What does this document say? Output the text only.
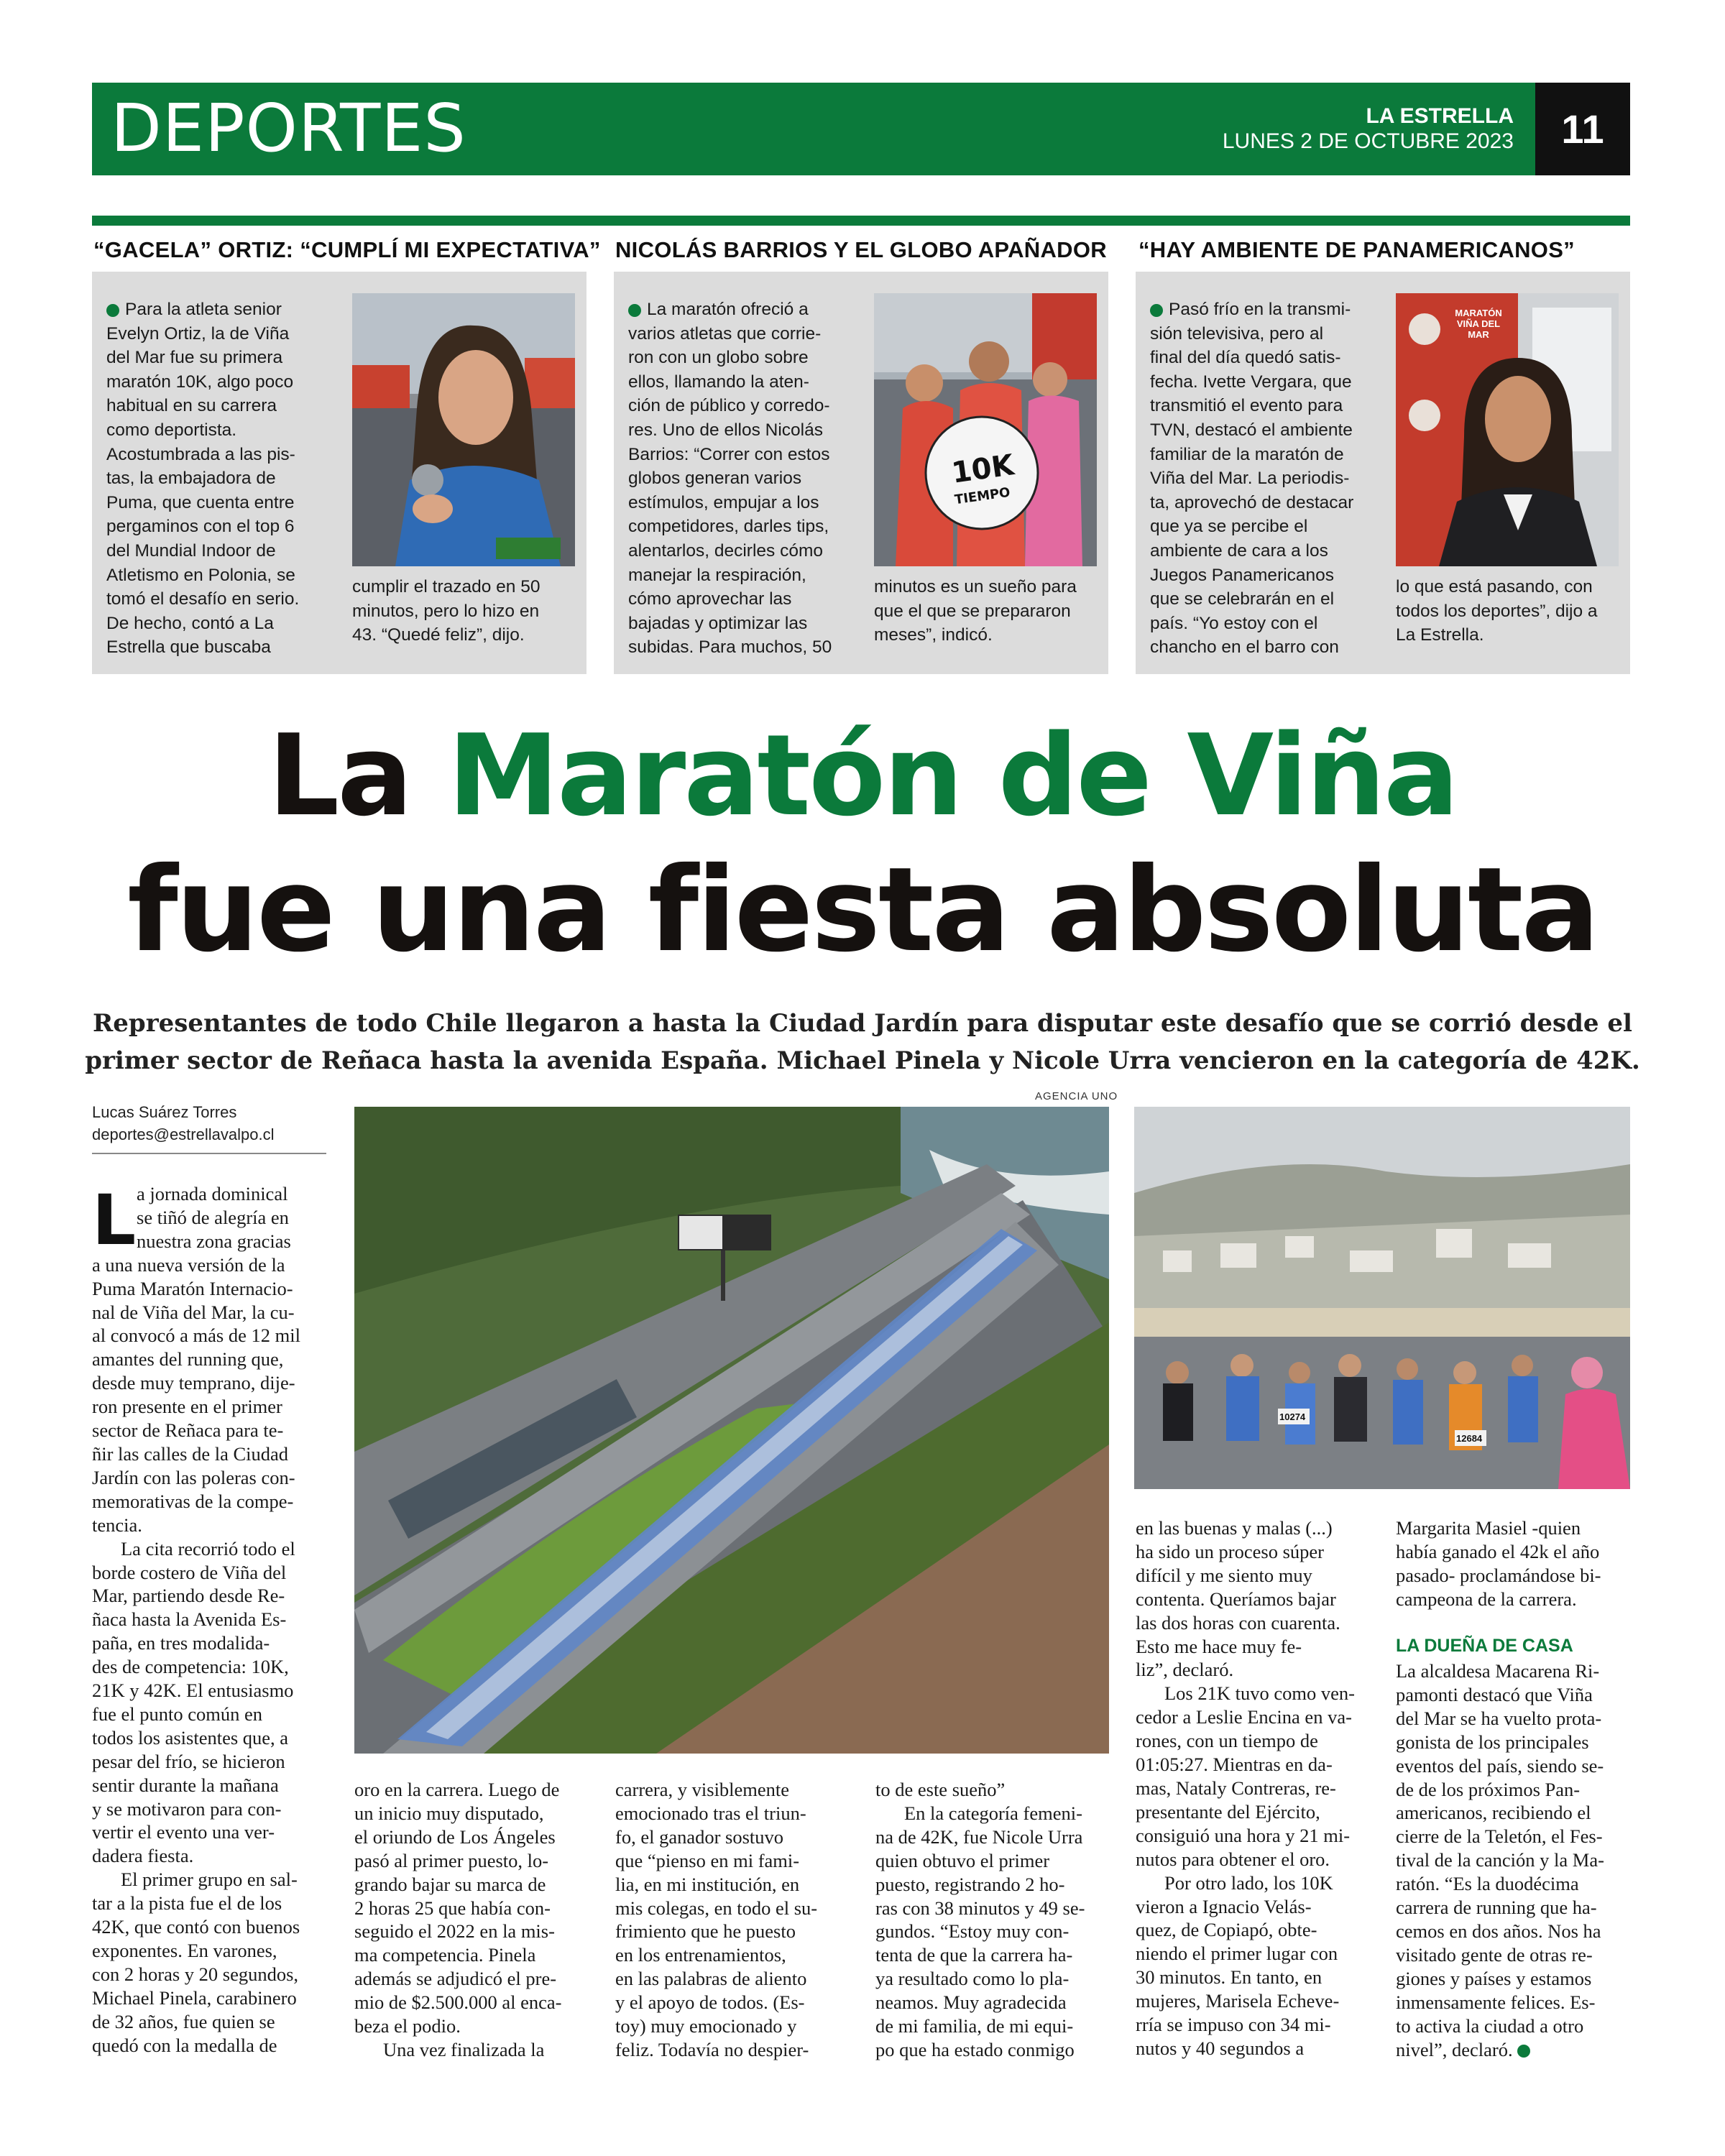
DEPORTES	LA ESTRELLA
LUNES 2 DE OCTUBRE 2023	11
“GACELA” ORTIZ: “CUMPLÍ MI EXPECTATIVA”
Para la atleta senior
Evelyn Ortiz, la de Viña
del Mar fue su primera
maratón 10K, algo poco
habitual en su carrera
como deportista.
Acostumbrada a las pis-
tas, la embajadora de
Puma, que cuenta entre
pergaminos con el top 6
del Mundial Indoor de
Atletismo en Polonia, se
tomó el desafío en serio.
De hecho, contó a La
Estrella que buscaba
cumplir el trazado en 50
minutos, pero lo hizo en
43. “Quedé feliz”, dijo.
NICOLÁS BARRIOS Y EL GLOBO APAÑADOR
La maratón ofreció a
varios atletas que corrie-
ron con un globo sobre
ellos, llamando la aten-
ción de público y corredo-
res. Uno de ellos Nicolás
Barrios: “Correr con estos
globos generan varios
estímulos, empujar a los
competidores, darles tips,
alentarlos, decirles cómo
manejar la respiración,
cómo aprovechar las
bajadas y optimizar las
subidas. Para muchos, 50
10K
TIEMPO
minutos es un sueño para
que el que se prepararon
meses”, indicó.
“HAY AMBIENTE DE PANAMERICANOS”
Pasó frío en la transmi-
sión televisiva, pero al
final del día quedó satis-
fecha. Ivette Vergara, que
transmitió el evento para
TVN, destacó el ambiente
familiar de la maratón de
Viña del Mar. La periodis-
ta, aprovechó de destacar
que ya se percibe el
ambiente de cara a los
Juegos Panamericanos
que se celebrarán en el
país. “Yo estoy con el
chancho en el barro con
MARATÓN VIÑA DEL MAR
lo que está pasando, con
todos los deportes”, dijo a
La Estrella.
La Maratón de Viña
fue una fiesta absoluta
Representantes de todo Chile llegaron a hasta la Ciudad Jardín para disputar este desafío que se corrió desde el
primer sector de Reñaca hasta la avenida España. Michael Pinela y Nicole Urra vencieron en la categoría de 42K.
Lucas Suárez Torres
deportes@estrellavalpo.cl
AGENCIA UNO
10274
12684
L a jornada dominical
se tiñó de alegría en
nuestra zona gracias
a una nueva versión de la
Puma Maratón Internacio-
nal de Viña del Mar, la cu-
al convocó a más de 12 mil
amantes del running que,
desde muy temprano, dije-
ron presente en el primer
sector de Reñaca para te-
ñir las calles de la Ciudad
Jardín con las poleras con-
memorativas de la compe-
tencia.
La cita recorrió todo el
borde costero de Viña del
Mar, partiendo desde Re-
ñaca hasta la Avenida Es-
paña, en tres modalida-
des de competencia: 10K,
21K y 42K. El entusiasmo
fue el punto común en
todos los asistentes que, a
pesar del frío, se hicieron
sentir durante la mañana
y se motivaron para con-
vertir el evento una ver-
dadera fiesta.
El primer grupo en sal-
tar a la pista fue el de los
42K, que contó con buenos
exponentes. En varones,
con 2 horas y 20 segundos,
Michael Pinela, carabinero
de 32 años, fue quien se
quedó con la medalla de
oro en la carrera. Luego de
un inicio muy disputado,
el oriundo de Los Ángeles
pasó al primer puesto, lo-
grando bajar su marca de
2 horas 25 que había con-
seguido el 2022 en la mis-
ma competencia. Pinela
además se adjudicó el pre-
mio de $2.500.000 al enca-
beza el podio.
Una vez finalizada la
carrera, y visiblemente
emocionado tras el triun-
fo, el ganador sostuvo
que “pienso en mi fami-
lia, en mi institución, en
mis colegas, en todo el su-
frimiento que he puesto
en los entrenamientos,
en las palabras de aliento
y el apoyo de todos. (Es-
toy) muy emocionado y
feliz. Todavía no despier-
to de este sueño”
En la categoría femeni-
na de 42K, fue Nicole Urra
quien obtuvo el primer
puesto, registrando 2 ho-
ras con 38 minutos y 49 se-
gundos. “Estoy muy con-
tenta de que la carrera ha-
ya resultado como lo pla-
neamos. Muy agradecida
de mi familia, de mi equi-
po que ha estado conmigo
en las buenas y malas (...)
ha sido un proceso súper
difícil y me siento muy
contenta. Queríamos bajar
las dos horas con cuarenta.
Esto me hace muy fe-
liz”, declaró.
Los 21K tuvo como ven-
cedor a Leslie Encina en va-
rones, con un tiempo de
01:05:27. Mientras en da-
mas, Nataly Contreras, re-
presentante del Ejército,
consiguió una hora y 21 mi-
nutos para obtener el oro.
Por otro lado, los 10K
vieron a Ignacio Velás-
quez, de Copiapó, obte-
niendo el primer lugar con
30 minutos. En tanto, en
mujeres, Marisela Echeve-
rría se impuso con 34 mi-
nutos y 40 segundos a
Margarita Masiel -quien
había ganado el 42k el año
pasado- proclamándose bi-
campeona de la carrera.
LA DUEÑA DE CASA
La alcaldesa Macarena Ri-
pamonti destacó que Viña
del Mar se ha vuelto prota-
gonista de los principales
eventos del país, siendo se-
de de los próximos Pan-
americanos, recibiendo el
cierre de la Teletón, el Fes-
tival de la canción y la Ma-
ratón. “Es la duodécima
carrera de running que ha-
cemos en dos años. Nos ha
visitado gente de otras re-
giones y países y estamos
inmensamente felices. Es-
to activa la ciudad a otro
nivel”, declaró.
